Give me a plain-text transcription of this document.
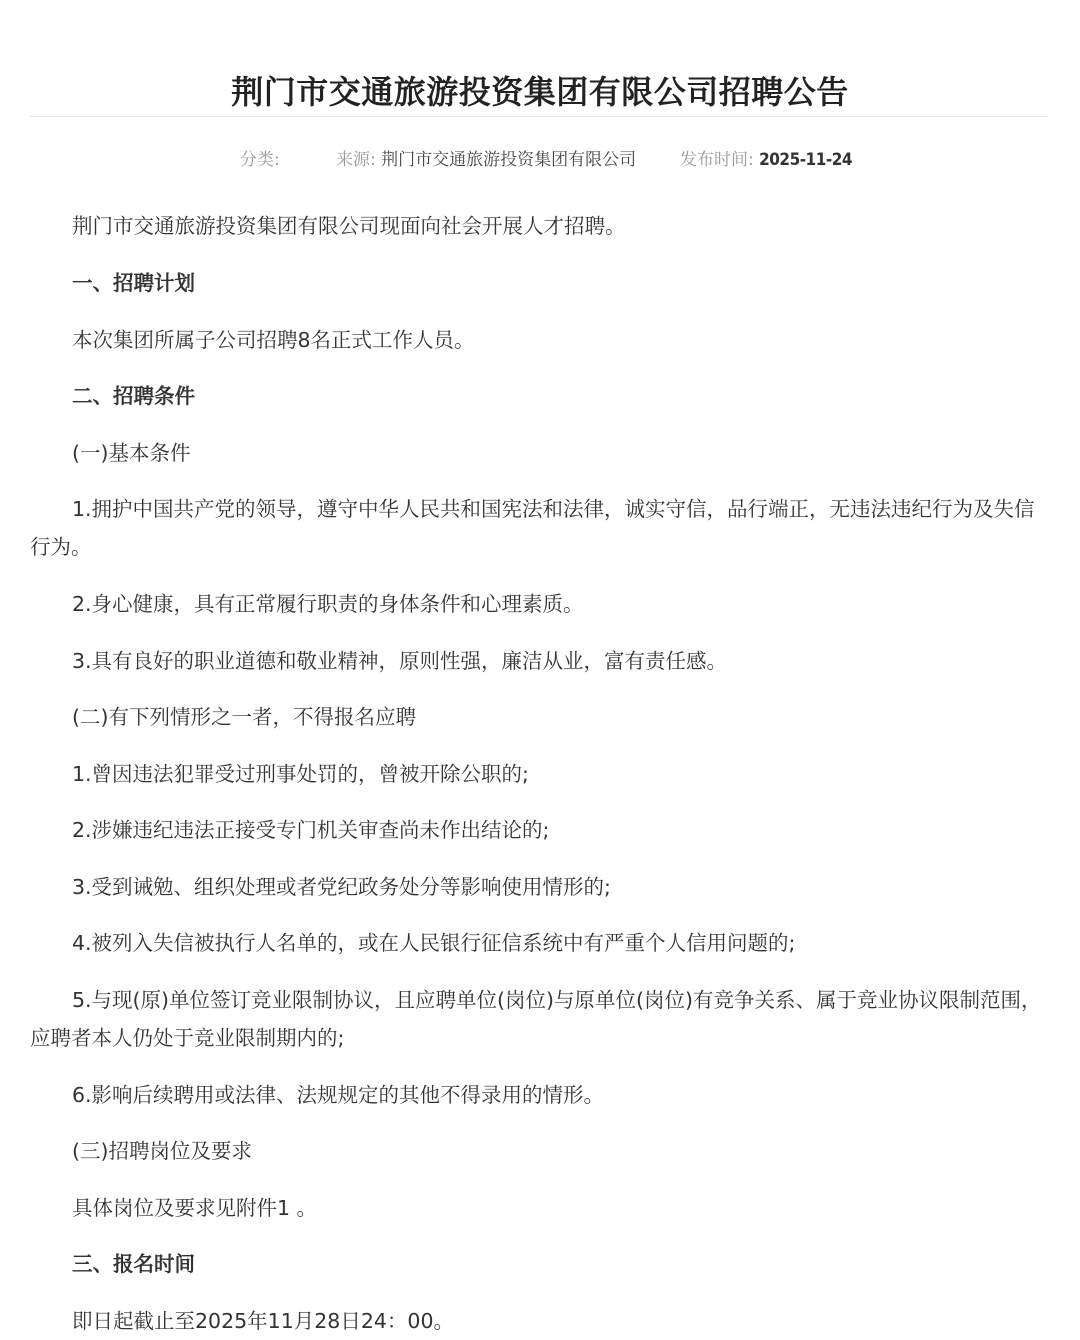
荆门市交通旅游投资集团有限公司招聘公告
分类:	来源: 荆门市交通旅游投资集团有限公司	发布时间: 2025-11-24

荆门市交通旅游投资集团有限公司现面向社会开展人才招聘。

一、招聘计划

本次集团所属子公司招聘8名正式工作人员。

二、招聘条件

(一)基本条件

1.拥护中国共产党的领导，遵守中华人民共和国宪法和法律，诚实守信，品行端正，无违法违纪行为及失信行为。

2.身心健康，具有正常履行职责的身体条件和心理素质。

3.具有良好的职业道德和敬业精神，原则性强，廉洁从业，富有责任感。

(二)有下列情形之一者，不得报名应聘

1.曾因违法犯罪受过刑事处罚的，曾被开除公职的;

2.涉嫌违纪违法正接受专门机关审查尚未作出结论的;

3.受到诫勉、组织处理或者党纪政务处分等影响使用情形的;

4.被列入失信被执行人名单的，或在人民银行征信系统中有严重个人信用问题的;

5.与现(原)单位签订竞业限制协议，且应聘单位(岗位)与原单位(岗位)有竞争关系、属于竞业协议限制范围，应聘者本人仍处于竞业限制期内的;

6.影响后续聘用或法律、法规规定的其他不得录用的情形。

(三)招聘岗位及要求

具体岗位及要求见附件1 。

三、报名时间

即日起截止至2025年11月28日24：00。
